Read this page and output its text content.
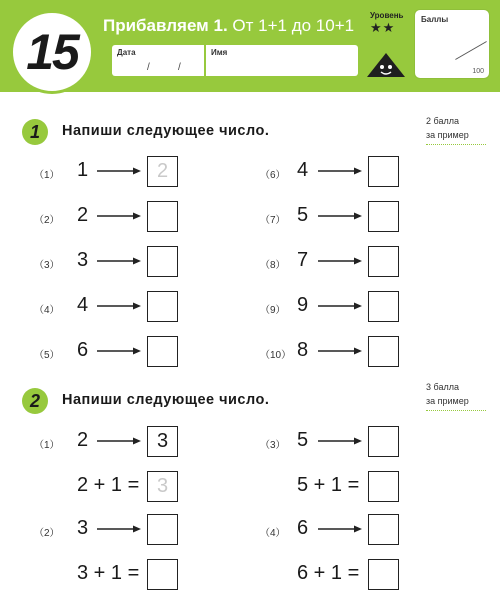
15 Прибавляем 1. От 1+1 до 10+1
Дата
/	/
Имя
Уровень
★★
Баллы
100
1 Напиши следующее число.
2 балла
за пример
（1） 1	2
（2） 2
（3） 3
（4） 4
（5） 6
（6） 4
（7） 5
（8） 7
（9） 9
（10） 8
2 Напиши следующее число.
3 балла
за пример
（1） 2	3
2 + 1 = 3
（3） 5
5 + 1 =
（2） 3
3 + 1 =
（4） 6
6 + 1 =
